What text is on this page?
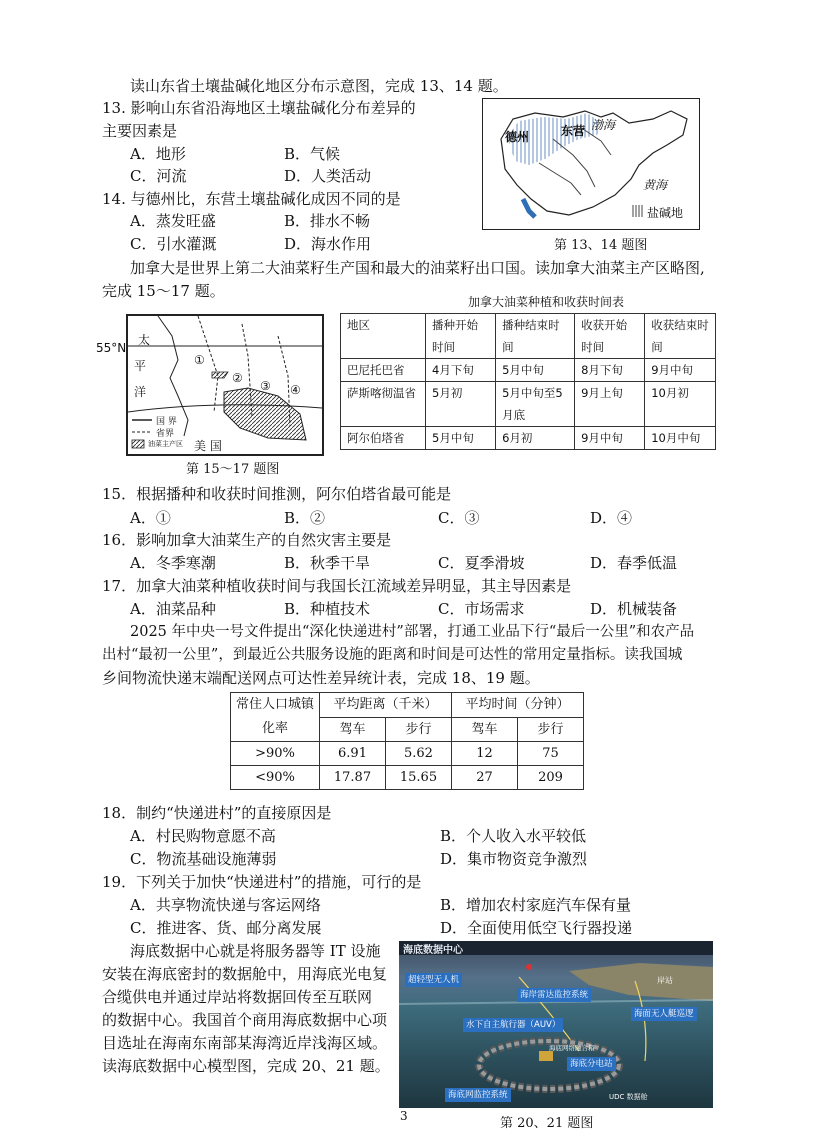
读山东省土壤盐碱化地区分布示意图，完成 13、14 题。
13. 影响山东省沿海地区土壤盐碱化分布差异的
主要因素是
A．地形	B．气候
C．河流	D．人类活动
14. 与德州比，东营土壤盐碱化成因不同的是
A．蒸发旺盛	B．排水不畅
C．引水灌溉	D．海水作用
德州	东营 渤海
黄海
盐碱地
第 13、14 题图
加拿大是世界上第二大油菜籽生产国和最大的油菜籽出口国。读加拿大油菜主产区略图,
完成 15～17 题。
55°N
太
平
洋
①
②
③ ④
国 界
省界
油菜主产区 美 国
第 15～17 题图
加拿大油菜种植和收获时间表
地区	播种开始时间	播种结束时间	收获开始时间	收获结束时间
巴尼托巴省	4月下旬	5月中旬	8月下旬	9月中旬
萨斯喀彻温省	5月初	5月中旬至5月底	9月上旬	10月初
阿尔伯塔省	5月中旬	6月初	9月中旬	10月中旬
15．根据播种和收获时间推测，阿尔伯塔省最可能是
A．①	B．②	C．③	D．④
16．影响加拿大油菜生产的自然灾害主要是
A．冬季寒潮	B．秋季干旱	C．夏季滑坡	D．春季低温
17．加拿大油菜种植收获时间与我国长江流域差异明显，其主导因素是
A．油菜品种	B．种植技术	C．市场需求	D．机械装备
2025 年中央一号文件提出“深化快递进村”部署，打通工业品下行“最后一公里”和农产品
出村“最初一公里”，到最近公共服务设施的距离和时间是可达性的常用定量指标。读我国城
乡间物流快递末端配送网点可达性差异统计表，完成 18、19 题。
常住人口城镇化率	平均距离（千米）		平均时间（分钟）	
	驾车	步行	驾车	步行
>90%	6.91	5.62	12	75
<90%	17.87	15.65	27	209
18．制约“快递进村”的直接原因是
A．村民购物意愿不高	B．个人收入水平较低
C．物流基础设施薄弱	D．集市物资竞争激烈
19．下列关于加快“快递进村”的措施，可行的是
A．共享物流快递与客运网络	B．增加农村家庭汽车保有量
C．推进客、货、邮分离发展	D．全面使用低空飞行器投递
海底数据中心就是将服务器等 IT 设施
安装在海底密封的数据舱中，用海底光电复
合缆供电并通过岸站将数据回传至互联网
的数据中心。我国首个商用海底数据中心项
目选址在海南东南部某海湾近岸浅海区域。
读海底数据中心模型图，完成 20、21 题。
海底数据中心
岸站
超轻型无人机
海岸雷达监控系统
海面无人艇巡逻
水下自主航行器（AUV）
海底网络融合箱
海底分电站
海底网监控系统	UDC 数据舱
第 20、21 题图
3
